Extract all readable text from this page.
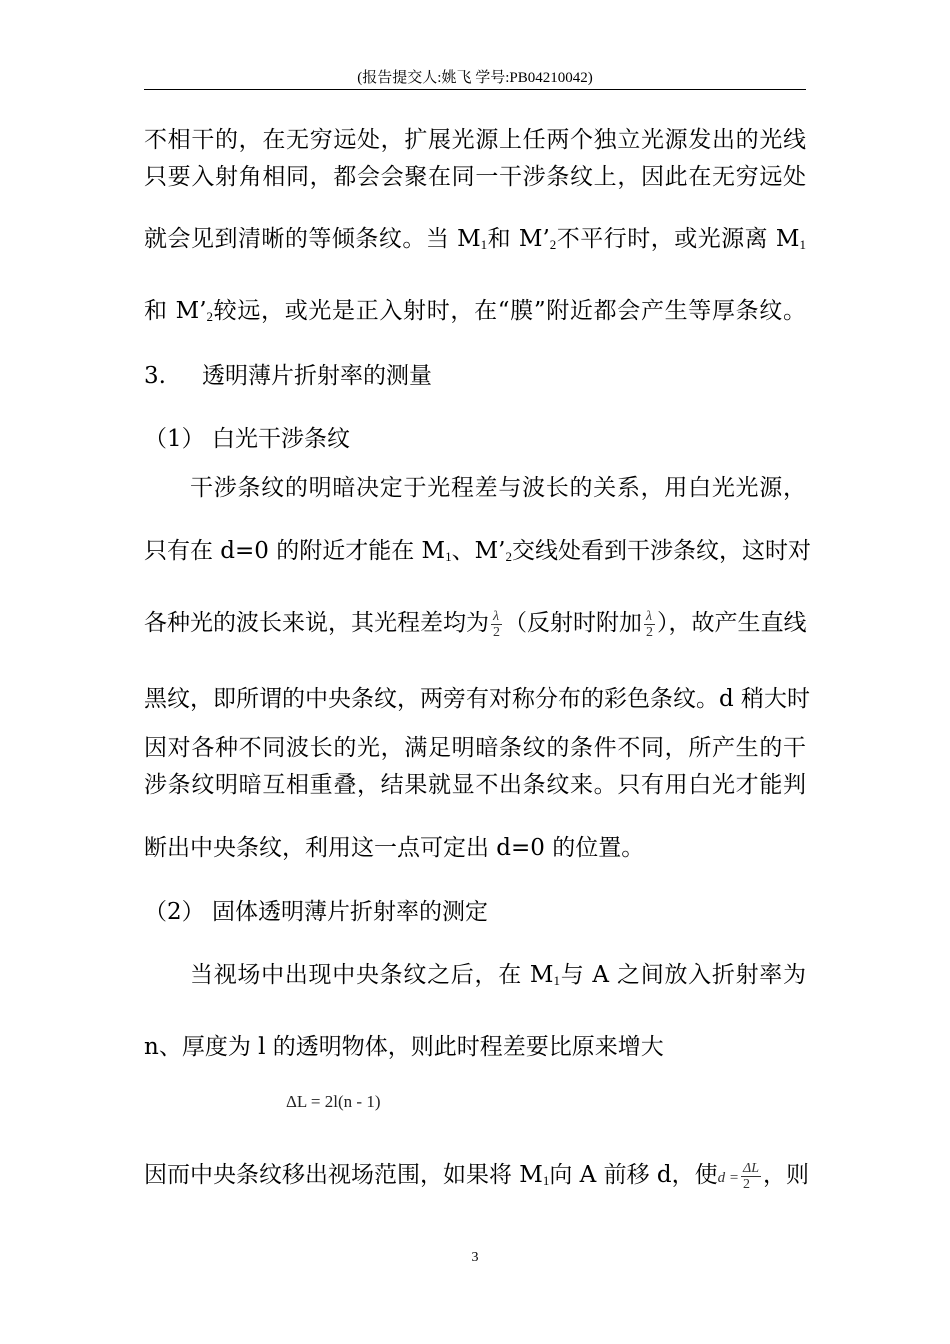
(报告提交人:姚飞 学号:PB04210042)
不相干的，在无穷远处，扩展光源上任两个独立光源发出的光线
只要入射角相同，都会会聚在同一干涉条纹上，因此在无穷远处
就会见到清晰的等倾条纹。当 $M_1$和 $M’_2$不平行时，或光源离 $M_1$
和 $M’_2$较远，或光是正入射时，在“膜”附近都会产生等厚条纹。
3. 透明薄片折射率的测量
（1） 白光干涉条纹
干涉条纹的明暗决定于光程差与波长的关系，用白光光源，
只有在 d=0 的附近才能在 $M_1$、$M’_2$交线处看到干涉条纹，这时对
各种光的波长来说，其光程差均为 $\frac{\lambda}{2}$ （反射时附加 $\frac{\lambda}{2}$ ），故产生直线
黑纹，即所谓的中央条纹，两旁有对称分布的彩色条纹。d 稍大时
因对各种不同波长的光，满足明暗条纹的条件不同，所产生的干
涉条纹明暗互相重叠，结果就显不出条纹来。只有用白光才能判
断出中央条纹，利用这一点可定出 d=0 的位置。
（2） 固体透明薄片折射率的测定
当视场中出现中央条纹之后，在 $M_1$与 A 之间放入折射率为
n、厚度为 l 的透明物体，则此时程差要比原来增大
ΔL = 2l(n - 1)
因而中央条纹移出视场范围，如果将 $M_1$向 A 前移 d，使$d = \frac{\Delta L}{2}$ ，则
3
